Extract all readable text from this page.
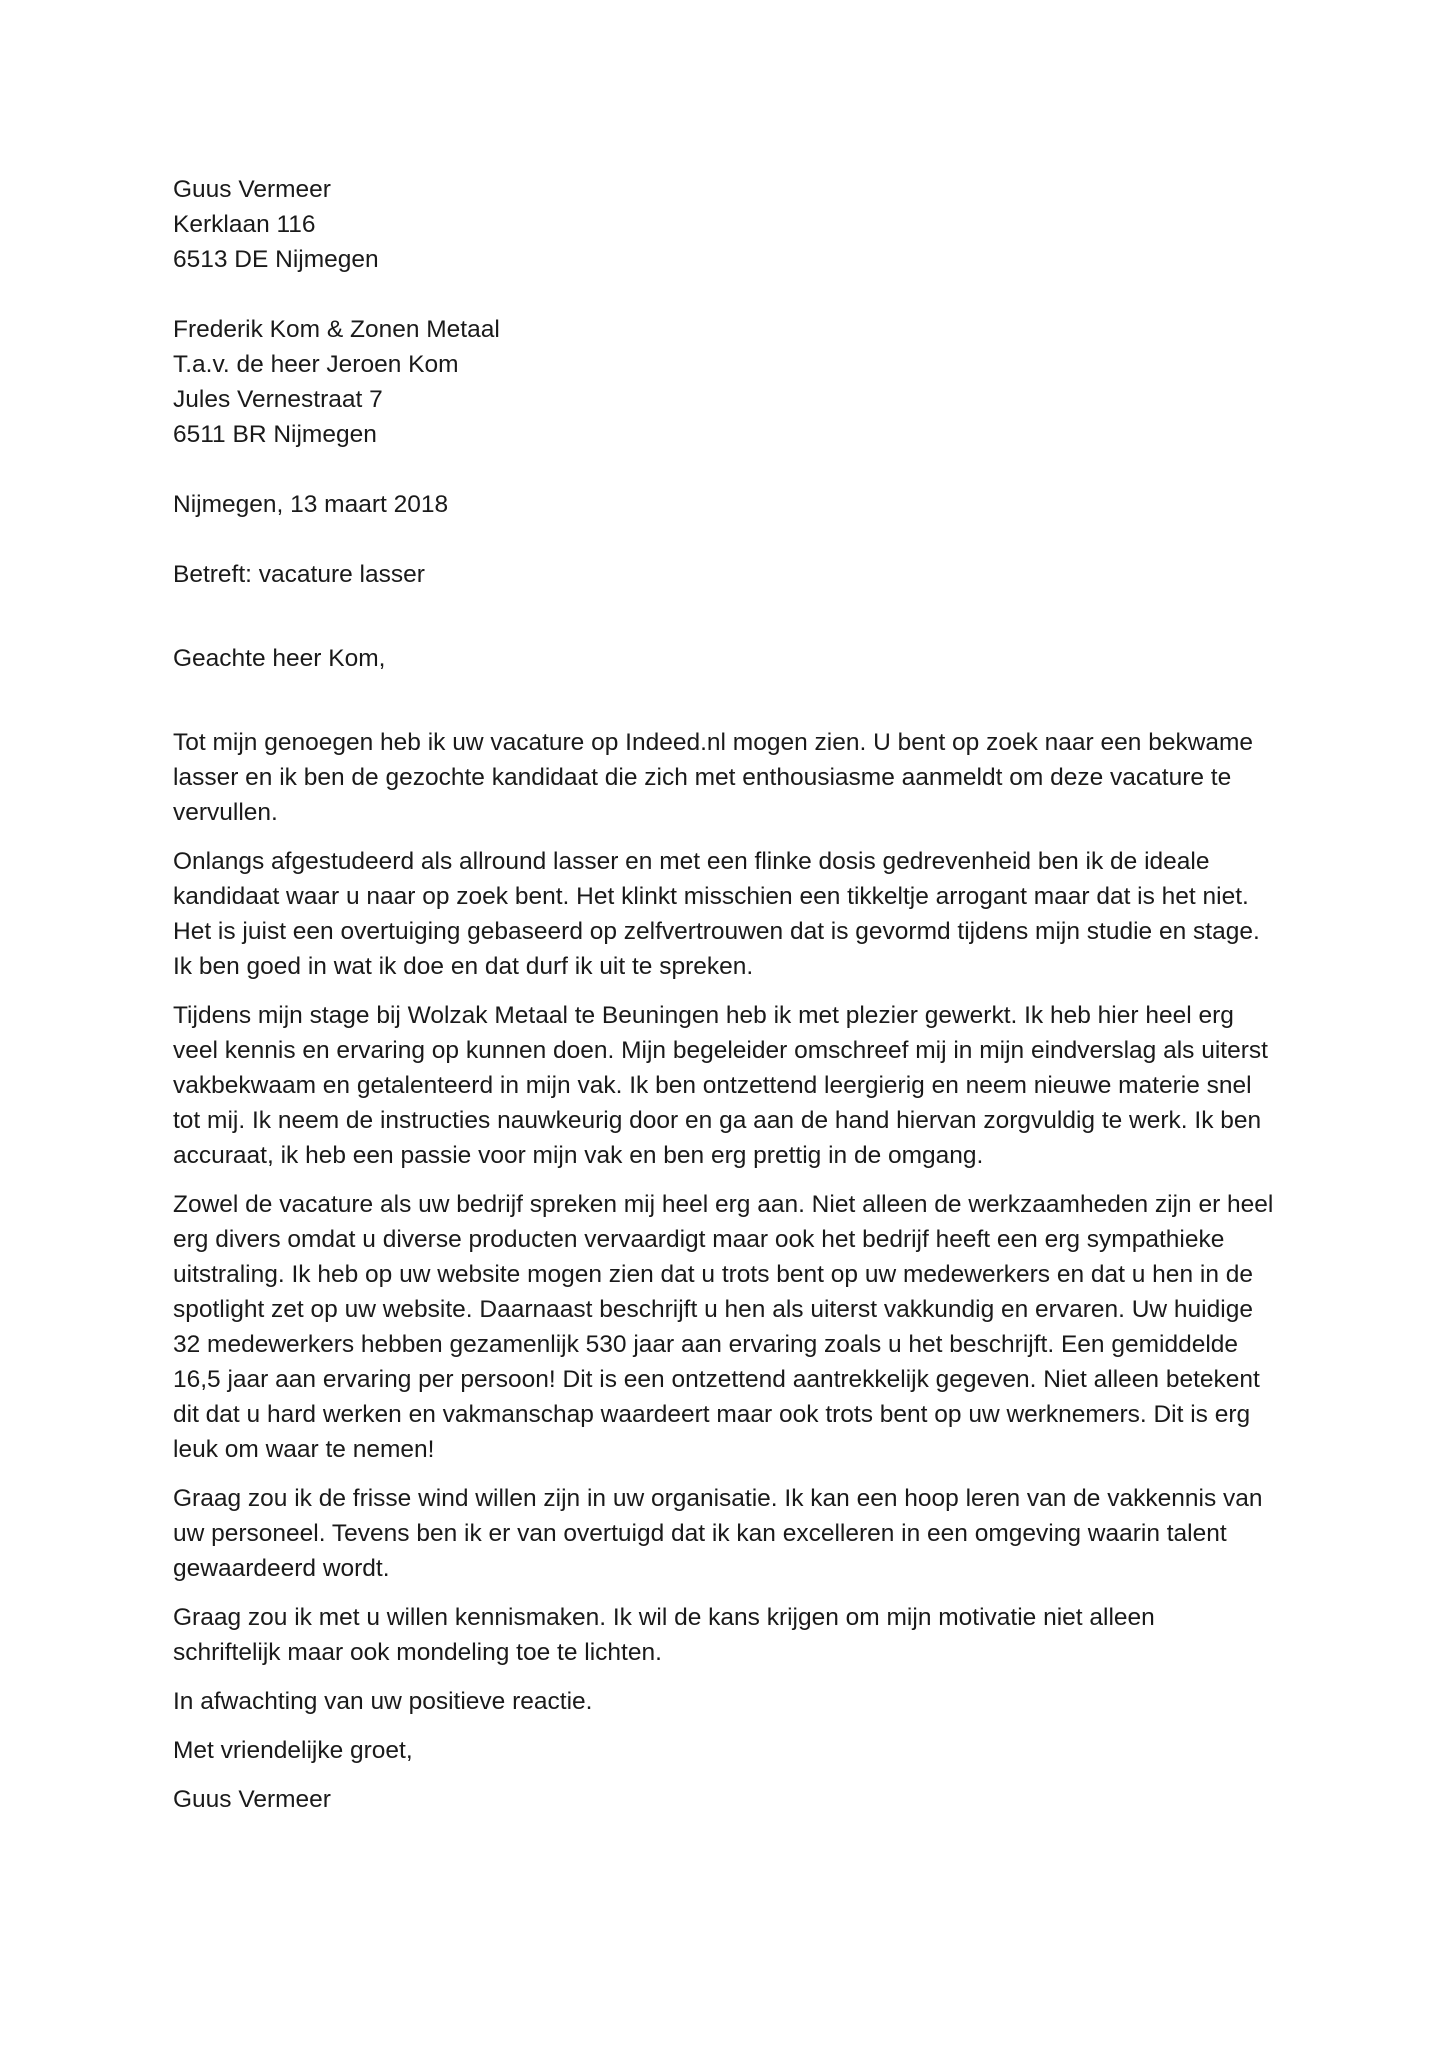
Guus Vermeer
Kerklaan 116
6513 DE Nijmegen
Frederik Kom & Zonen Metaal
T.a.v. de heer Jeroen Kom
Jules Vernestraat 7
6511 BR Nijmegen
Nijmegen, 13 maart 2018
Betreft: vacature lasser
Geachte heer Kom,
Tot mijn genoegen heb ik uw vacature op Indeed.nl mogen zien. U bent op zoek naar een bekwame
lasser en ik ben de gezochte kandidaat die zich met enthousiasme aanmeldt om deze vacature te
vervullen.
Onlangs afgestudeerd als allround lasser en met een flinke dosis gedrevenheid ben ik de ideale
kandidaat waar u naar op zoek bent. Het klinkt misschien een tikkeltje arrogant maar dat is het niet.
Het is juist een overtuiging gebaseerd op zelfvertrouwen dat is gevormd tijdens mijn studie en stage.
Ik ben goed in wat ik doe en dat durf ik uit te spreken.
Tijdens mijn stage bij Wolzak Metaal te Beuningen heb ik met plezier gewerkt. Ik heb hier heel erg
veel kennis en ervaring op kunnen doen. Mijn begeleider omschreef mij in mijn eindverslag als uiterst
vakbekwaam en getalenteerd in mijn vak. Ik ben ontzettend leergierig en neem nieuwe materie snel
tot mij. Ik neem de instructies nauwkeurig door en ga aan de hand hiervan zorgvuldig te werk. Ik ben
accuraat, ik heb een passie voor mijn vak en ben erg prettig in de omgang.
Zowel de vacature als uw bedrijf spreken mij heel erg aan. Niet alleen de werkzaamheden zijn er heel
erg divers omdat u diverse producten vervaardigt maar ook het bedrijf heeft een erg sympathieke
uitstraling. Ik heb op uw website mogen zien dat u trots bent op uw medewerkers en dat u hen in de
spotlight zet op uw website. Daarnaast beschrijft u hen als uiterst vakkundig en ervaren. Uw huidige
32 medewerkers hebben gezamenlijk 530 jaar aan ervaring zoals u het beschrijft. Een gemiddelde
16,5 jaar aan ervaring per persoon! Dit is een ontzettend aantrekkelijk gegeven. Niet alleen betekent
dit dat u hard werken en vakmanschap waardeert maar ook trots bent op uw werknemers. Dit is erg
leuk om waar te nemen!
Graag zou ik de frisse wind willen zijn in uw organisatie. Ik kan een hoop leren van de vakkennis van
uw personeel. Tevens ben ik er van overtuigd dat ik kan excelleren in een omgeving waarin talent
gewaardeerd wordt.
Graag zou ik met u willen kennismaken. Ik wil de kans krijgen om mijn motivatie niet alleen
schriftelijk maar ook mondeling toe te lichten.
In afwachting van uw positieve reactie.
Met vriendelijke groet,
Guus Vermeer
